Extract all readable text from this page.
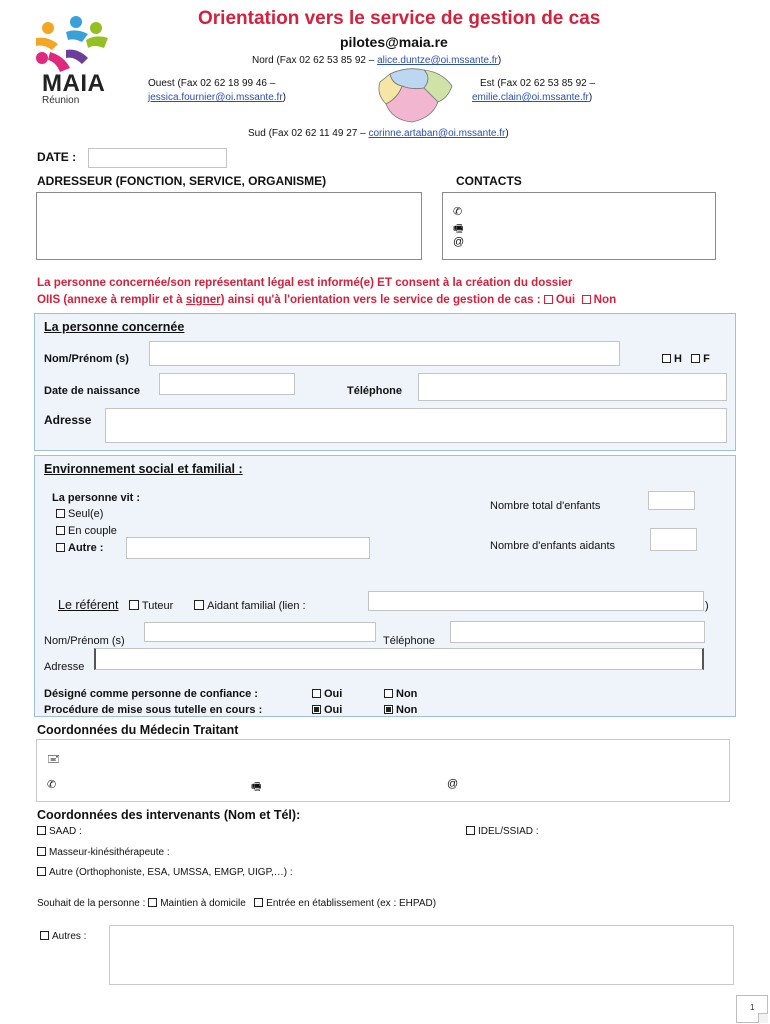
MAIA
Réunion
Orientation vers le service de gestion de cas
pilotes@maia.re
Nord (Fax 02 62 53 85 92 – alice.duntze@oi.mssante.fr)
Ouest (Fax 02 62 18 99 46 –
jessica.fournier@oi.mssante.fr)
Est (Fax 02 62 53 85 92 –
emilie.clain@oi.mssante.fr)
Sud (Fax 02 62 11 49 27 – corinne.artaban@oi.mssante.fr)
DATE :
ADRESSEUR (FONCTION, SERVICE, ORGANISME)	CONTACTS
✆
🖷
@
La personne concernée/son représentant légal est informé(e) ET consent à la création du dossier
OIIS (annexe à remplir et à signer) ainsi qu'à l'orientation vers le service de gestion de cas : Oui Non
La personne concernée
Nom/Prénom (s)	H F
Date de naissance	Téléphone
Adresse
Environnement social et familial :
La personne vit :
Seul(e)
En couple
Autre :
Nombre total d'enfants
Nombre d'enfants aidants
Le référent Tuteur	Aidant familial (lien :	)
Nom/Prénom (s)	Téléphone
Adresse
Désigné comme personne de confiance :	Oui	Non
Procédure de mise sous tutelle en cours :	Oui	Non
Coordonnées du Médecin Traitant
🖃
✆	🖷	@
Coordonnées des intervenants (Nom et Tél):
SAAD :	IDEL/SSIAD :
Masseur-kinésithérapeute :
Autre (Orthophoniste, ESA, UMSSA, EMGP, UIGP,…) :
Souhait de la personne : Maintien à domicile Entrée en établissement (ex : EHPAD)
Autres :
1
